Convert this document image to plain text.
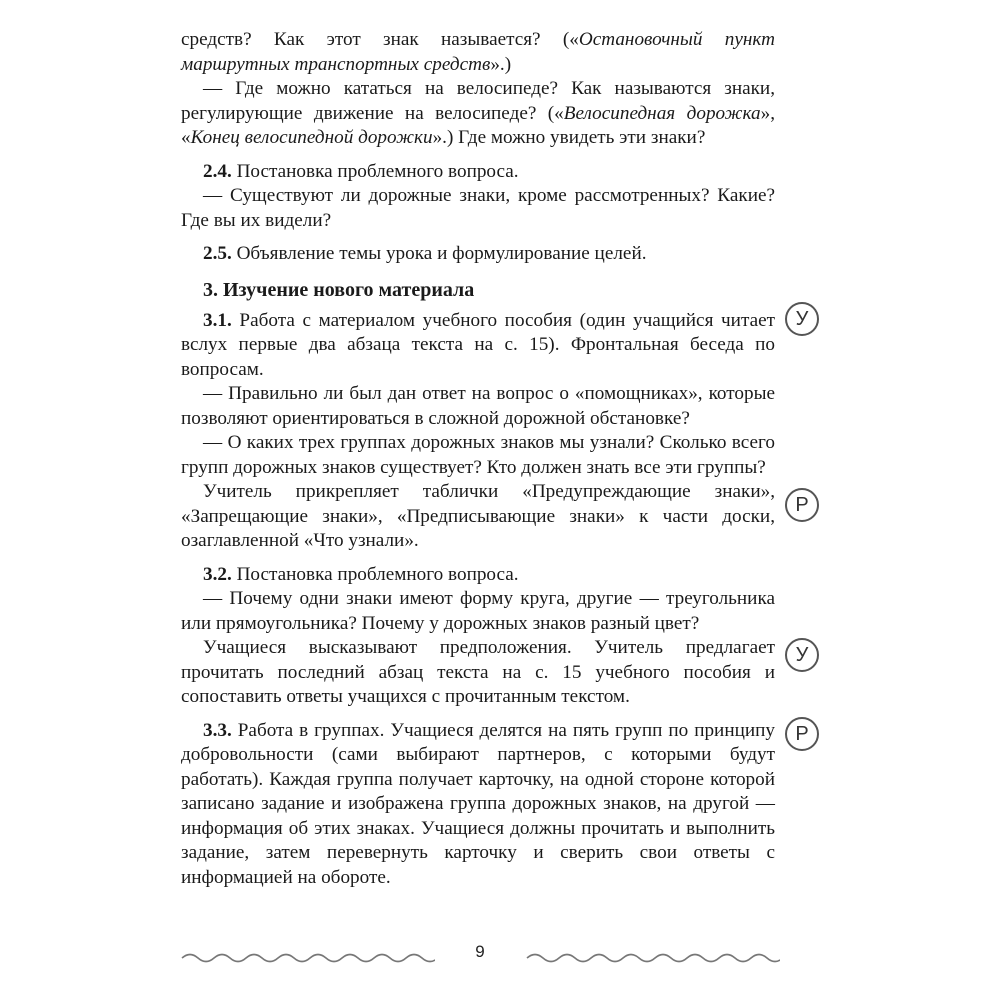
средств? Как этот знак называется? («Остановочный пункт маршрутных транспортных средств».)

— Где можно кататься на велосипеде? Как называются знаки, регулирующие движение на велосипеде? («Велосипедная дорожка», «Конец велосипедной дорожки».) Где можно увидеть эти знаки?

2.4. Постановка проблемного вопроса.

— Существуют ли дорожные знаки, кроме рассмотренных? Какие? Где вы их видели?

2.5. Объявление темы урока и формулирование целей.

3. Изучение нового материала

3.1. Работа с материалом учебного пособия (один учащийся читает вслух первые два абзаца текста на с. 15). Фронтальная беседа по вопросам.

— Правильно ли был дан ответ на вопрос о «помощниках», которые позволяют ориентироваться в сложной дорожной обстановке?

— О каких трех группах дорожных знаков мы узнали? Сколько всего групп дорожных знаков существует? Кто должен знать все эти группы?

Учитель прикрепляет таблички «Предупреждающие знаки», «Запрещающие знаки», «Предписывающие знаки» к части доски, озаглавленной «Что узнали».

3.2. Постановка проблемного вопроса.

— Почему одни знаки имеют форму круга, другие — треугольника или прямоугольника? Почему у дорожных знаков разный цвет?

Учащиеся высказывают предположения. Учитель предлагает прочитать последний абзац текста на с. 15 учебного пособия и сопоставить ответы учащихся с прочитанным текстом.

3.3. Работа в группах. Учащиеся делятся на пять групп по принципу добровольности (сами выбирают партнеров, с которыми будут работать). Каждая группа получает карточку, на одной стороне которой записано задание и изображена группа дорожных знаков, на другой — информация об этих знаках. Учащиеся должны прочитать и выполнить задание, затем перевернуть карточку и сверить свои ответы с информацией на обороте.

У
Р
У
Р
9
